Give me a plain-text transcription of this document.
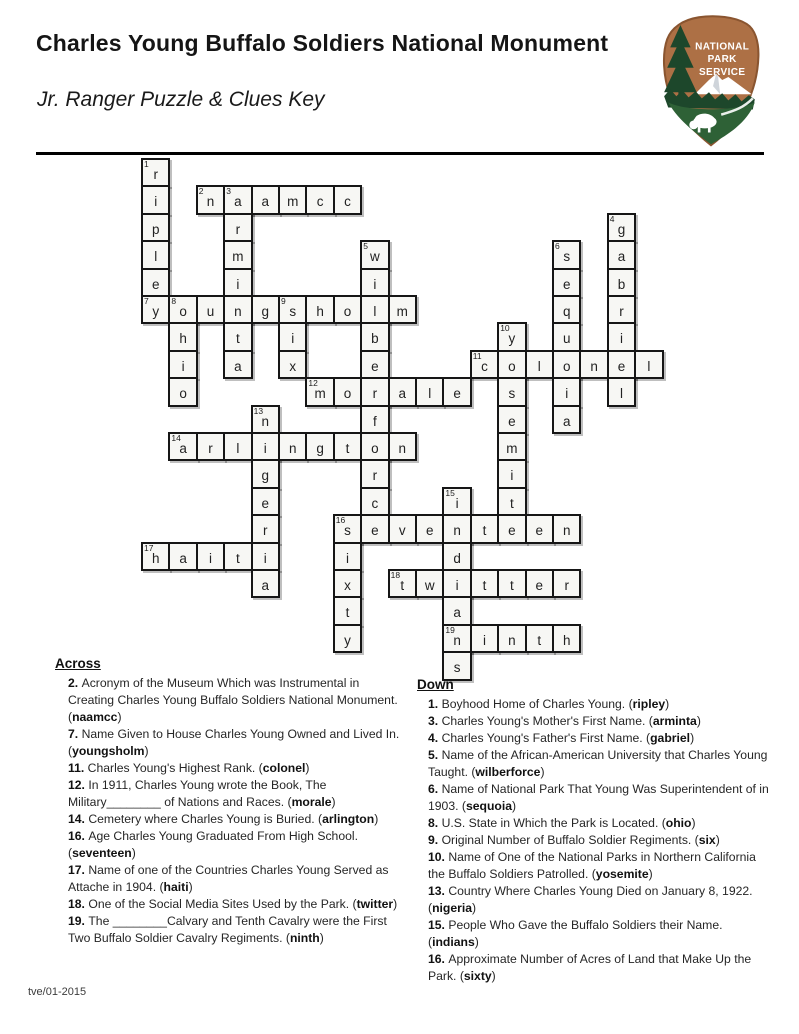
Charles Young Buffalo Soldiers National Monument
Jr. Ranger Puzzle & Clues Key
NATIONAL
PARK
SERVICE
1
r
i
2
n
3
a	a	m	c	c
p	r
4
g
l	m
5
w
6
s	a
e	i	i	e	b
7
y
8
o	u	n	g
9
s	h	o	l	m	q	r
h	t	i	b
10
y	u	i
i	a	x	e
11
c	o	l	o	n	e	l
o
12
m	o	r	a	l	e	s	i	l
13
n	f	e	a
14
a	r	l	i	n	g	t	o	n	m
g	r	i
e	c
15
i	t
r
16
s	e	v	e	n	t	e	e	n
17
h	a	i	t	i	i	d
a	x
18
t	w	i	t	t	e	r
t	a
y
19
n	i	n	t	h
s
Across
2. Acronym of the Museum Which was Instrumental in Creating Charles Young Buffalo Soldiers National Monument. (naamcc)
7. Name Given to House Charles Young Owned and Lived In. (youngsholm)
11. Charles Young's Highest Rank. (colonel)
12. In 1911, Charles Young wrote the Book, The Military________ of Nations and Races. (morale)
14. Cemetery where Charles Young is Buried. (arlington)
16. Age Charles Young Graduated From High School. (seventeen)
17. Name of one of the Countries Charles Young Served as Attache in 1904. (haiti)
18. One of the Social Media Sites Used by the Park. (twitter)
19. The ________Calvary and Tenth Cavalry were the First Two Buffalo Soldier Cavalry Regiments. (ninth)
Down
1. Boyhood Home of Charles Young. (ripley)
3. Charles Young's Mother's First Name. (arminta)
4. Charles Young's Father's First Name. (gabriel)
5. Name of the African-American University that Charles Young Taught. (wilberforce)
6. Name of National Park That Young Was Superintendent of in 1903. (sequoia)
8. U.S. State in Which the Park is Located. (ohio)
9. Original Number of Buffalo Soldier Regiments. (six)
10. Name of One of the National Parks in Northern California the Buffalo Soldiers Patrolled. (yosemite)
13. Country Where Charles Young Died on January 8, 1922. (nigeria)
15. People Who Gave the Buffalo Soldiers their Name. (indians)
16. Approximate Number of Acres of Land that Make Up the Park. (sixty)
tve/01-2015
